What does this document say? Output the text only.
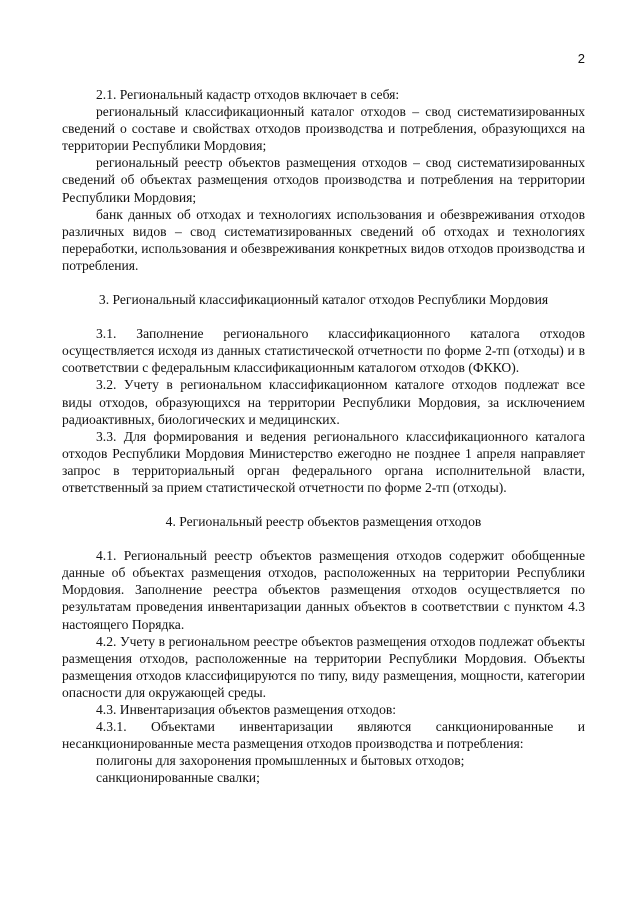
2

2.1. Региональный кадастр отходов включает в себя:

региональный классификационный каталог отходов – свод систематизированных сведений о составе и свойствах отходов производства и потребления, образующихся на территории Республики Мордовия;

региональный реестр объектов размещения отходов – свод систематизированных сведений об объектах размещения отходов производства и потребления на территории Республики Мордовия;

банк данных об отходах и технологиях использования и обезвреживания отходов различных видов – свод систематизированных сведений об отходах и технологиях переработки, использования и обезвреживания конкретных видов отходов производства и потребления.

3. Региональный классификационный каталог отходов Республики Мордовия

3.1. Заполнение регионального классификационного каталога отходов осуществляется исходя из данных статистической отчетности по форме 2-тп (отходы) и в соответствии с федеральным классификационным каталогом отходов (ФККО).

3.2. Учету в региональном классификационном каталоге отходов подлежат все виды отходов, образующихся на территории Республики Мордовия, за исключением радиоактивных, биологических и медицинских.

3.3. Для формирования и ведения регионального классификационного каталога отходов Республики Мордовия Министерство ежегодно не позднее 1 апреля направляет запрос в территориальный орган федерального органа исполнительной власти, ответственный за прием статистической отчетности по форме 2-тп (отходы).

4. Региональный реестр объектов размещения отходов

4.1. Региональный реестр объектов размещения отходов содержит обобщенные данные об объектах размещения отходов, расположенных на территории Республики Мордовия. Заполнение реестра объектов размещения отходов осуществляется по результатам проведения инвентаризации данных объектов в соответствии с пунктом 4.3 настоящего Порядка.

4.2. Учету в региональном реестре объектов размещения отходов подлежат объекты размещения отходов, расположенные на территории Республики Мордовия. Объекты размещения отходов классифицируются по типу, виду размещения, мощности, категории опасности для окружающей среды.

4.3. Инвентаризация объектов размещения отходов:

4.3.1. Объектами инвентаризации являются санкционированные и несанкционированные места размещения отходов производства и потребления:

полигоны для захоронения промышленных и бытовых отходов;

санкционированные свалки;
